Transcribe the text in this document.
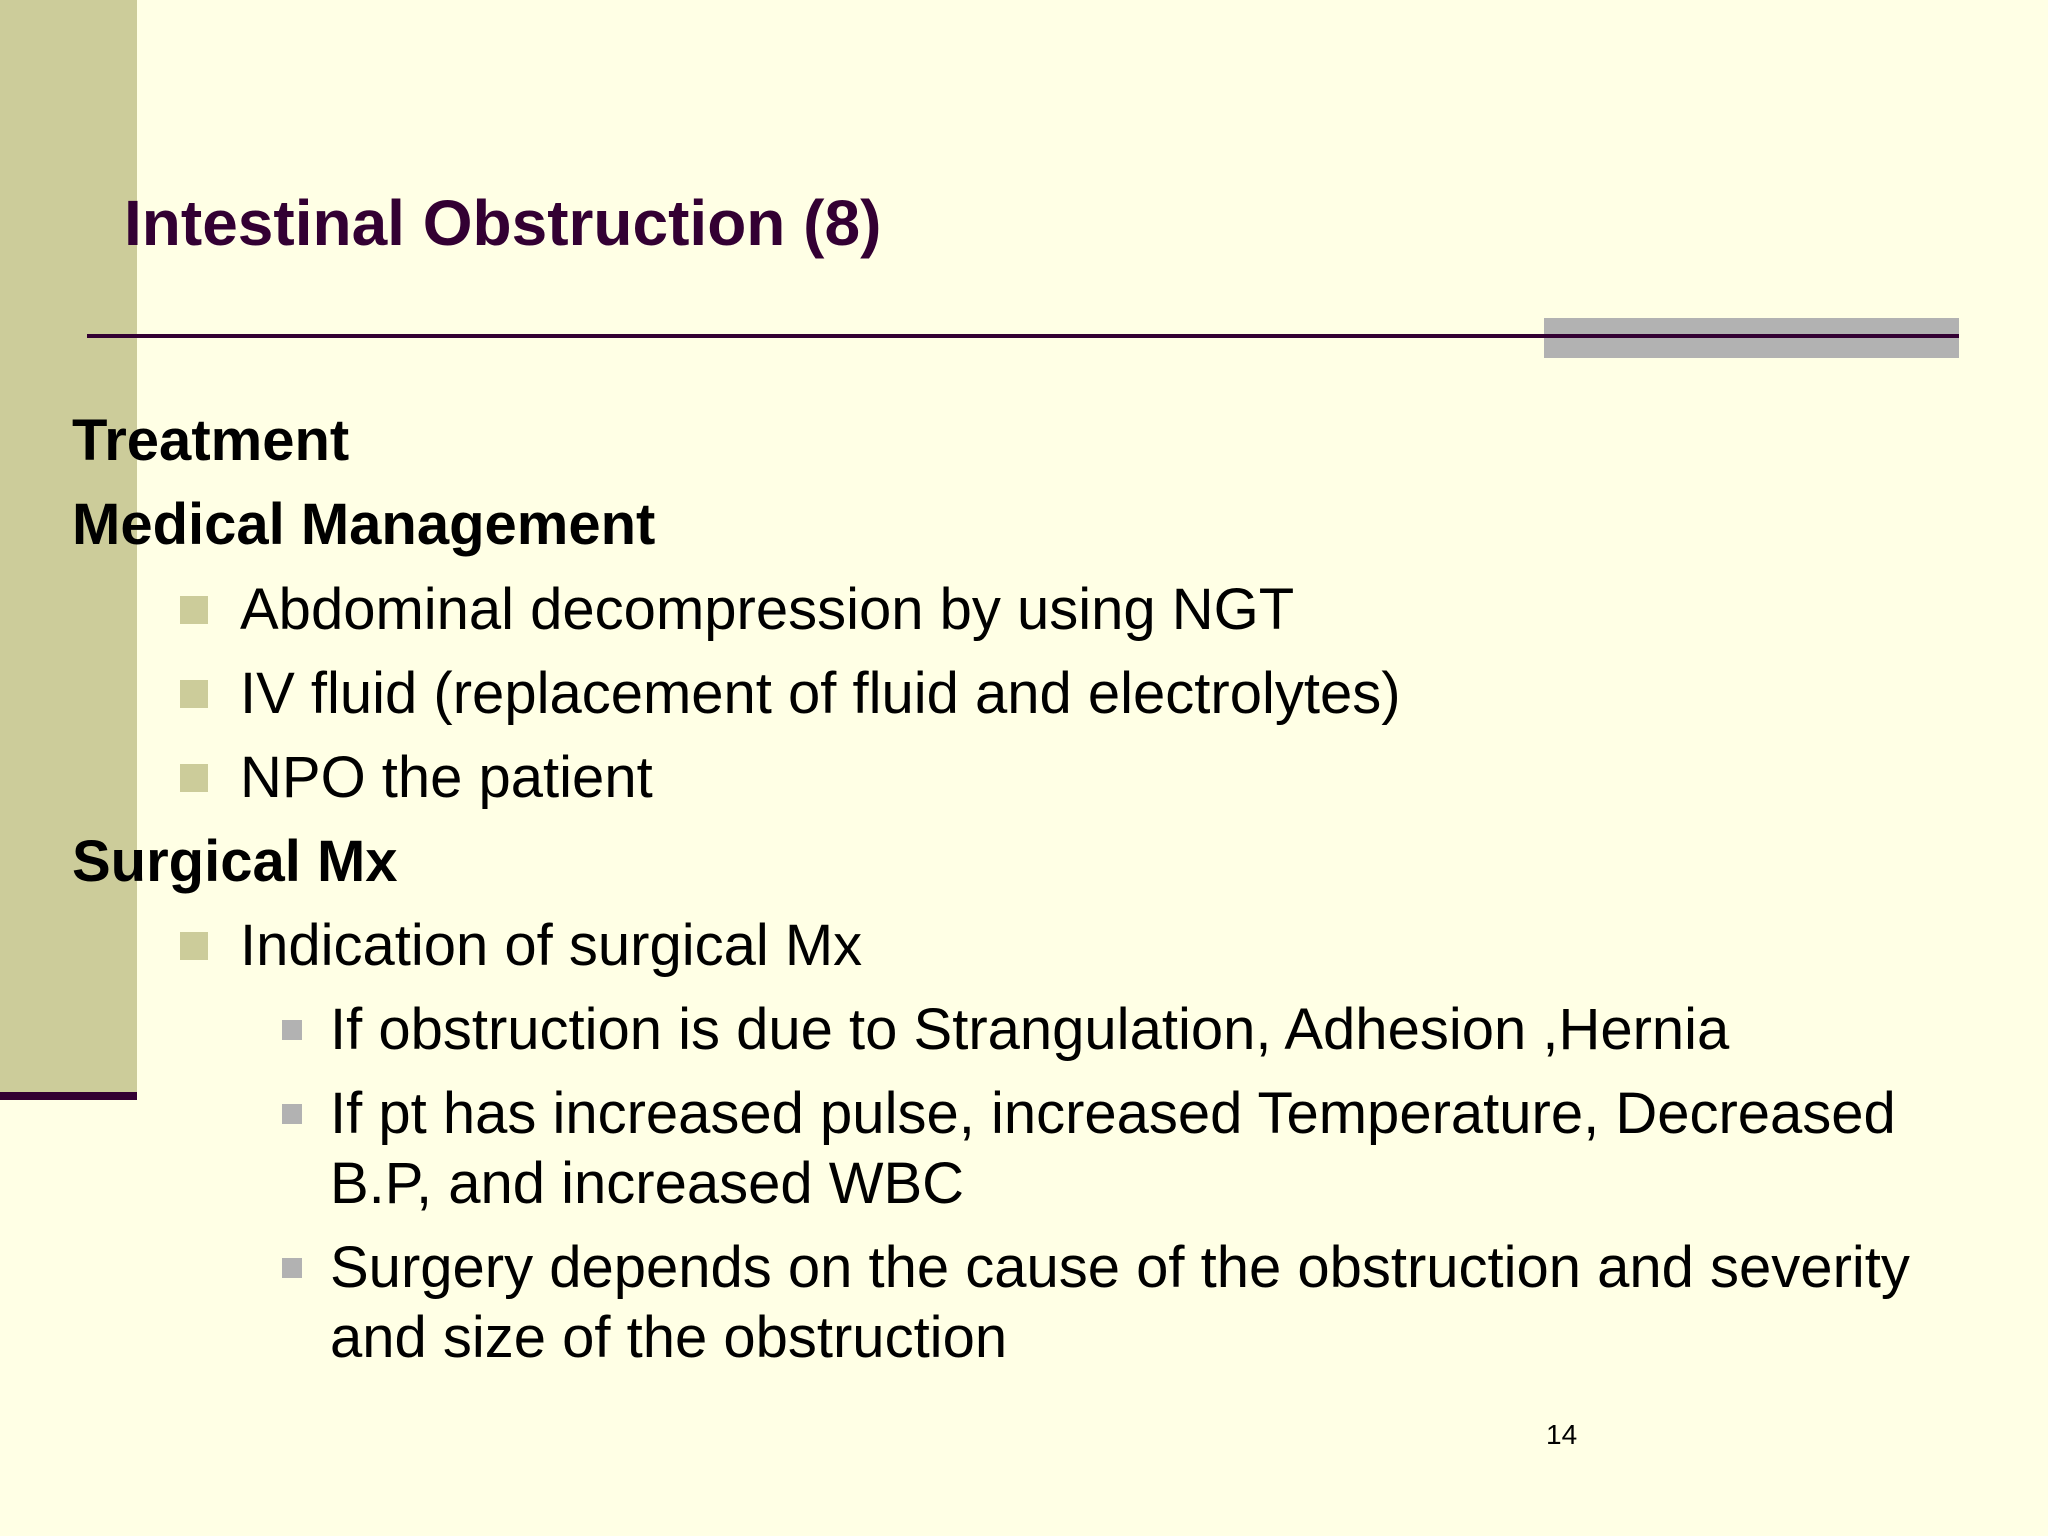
Intestinal Obstruction (8)
Treatment
Medical Management
Abdominal decompression by using NGT
IV fluid (replacement of fluid and electrolytes)
NPO the patient
Surgical Mx
Indication of surgical Mx
If obstruction is due to Strangulation, Adhesion ,Hernia
If pt has increased pulse, increased Temperature, Decreased B.P, and increased WBC
Surgery depends on the cause of the obstruction and severity and size of the obstruction
14
